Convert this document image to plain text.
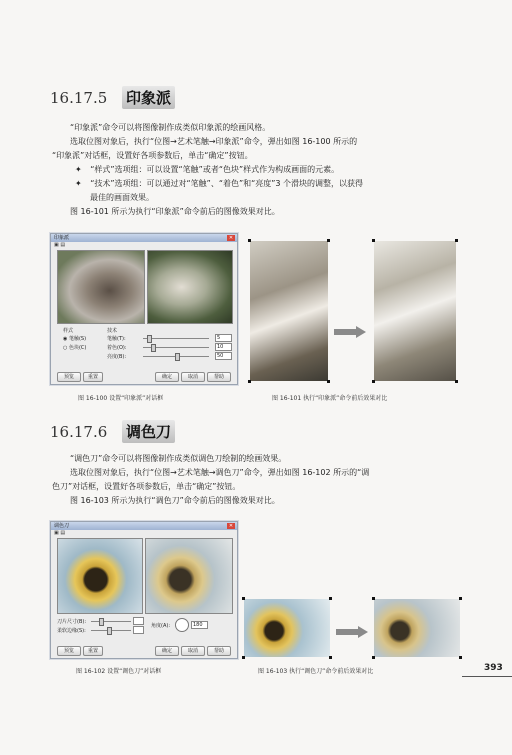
16.17.5 印象派
“印象派”命令可以将图像制作成类似印象派的绘画风格。
选取位图对象后，执行“位图→艺术笔触→印象派”命令，弹出如图 16-100 所示的
“印象派”对话框，设置好各项参数后，单击“确定”按钮。
✦ “样式”选项组：可以设置“笔触”或者“色块”样式作为构成画面的元素。
✦ “技术”选项组：可以通过对“笔触”、“着色”和“亮度”3 个滑块的调整，以获得
最佳的画面效果。
图 16-101 所示为执行“印象派”命令前后的图像效果对比。
印象派	✕
▣ ▤
样式
◉ 笔触(S)
○ 色块(C)
技术
笔触(T):	5
着色(O):	10
亮度(B):	50
预览	重置	确定	取消	帮助
图 16-100 设置“印象派”对话框	图 16-101 执行“印象派”命令前后效果对比
16.17.6 调色刀
“调色刀”命令可以将图像制作成类似调色刀绘制的绘画效果。
选取位图对象后，执行“位图→艺术笔触→调色刀”命令，弹出如图 16-102 所示的“调
色刀”对话框，设置好各项参数后，单击“确定”按钮。
图 16-103 所示为执行“调色刀”命令前后的图像效果对比。
调色刀	✕
▣ ▤
刀片尺寸(B):
柔软边缘(S):
角度(A):	180
预览	重置	确定	取消	帮助
图 16-102 设置“调色刀”对话框	图 16-103 执行“调色刀”命令前后效果对比	393
